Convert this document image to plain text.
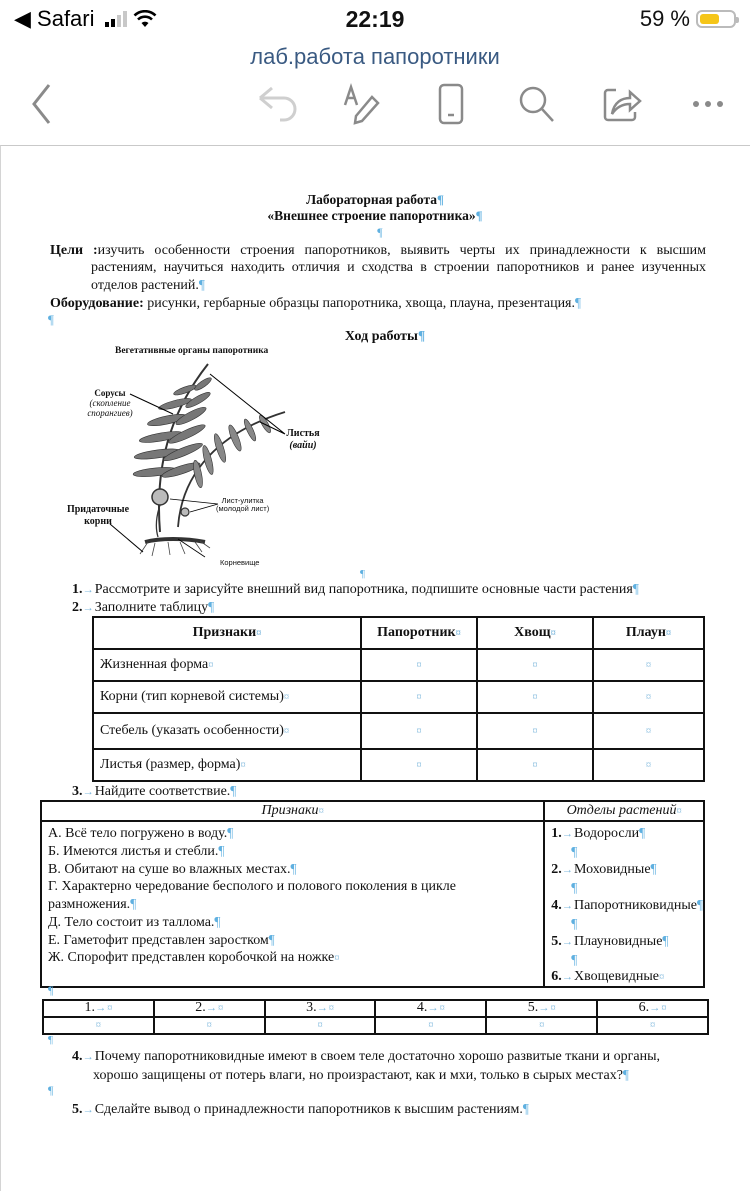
◀ Safari	22:19	59 %
лаб.работа папоротники
Лабораторная работа¶
«Внешнее строение папоротника»¶
¶
Цели :изучить особенности строения папоротников, выявить черты их принадлежности к высшим растениям, научиться находить отличия и сходства в строении папоротников и ранее изученных отделов растений.¶
Оборудование: рисунки, гербарные образцы папоротника, хвоща, плауна, презентация.¶
¶
Ход работы¶
Вегетативные органы папоротника
Сорусы
(скопление
спорангиев)
Листья
(вайи)
Лист-улитка
(молодой лист)
Придаточные
корни
Корневище
¶
1.→Рассмотрите и зарисуйте внешний вид папоротника, подпишите основные части растения¶
2.→Заполните таблицу¶
Признаки¤	Папоротник¤	Хвощ¤	Плаун¤
Жизненная форма¤	¤	¤	¤
Корни (тип корневой системы)¤	¤	¤	¤
Стебель (указать особенности)¤	¤	¤	¤
Листья (размер, форма)¤	¤	¤	¤
3.→Найдите соответствие.¶
Признаки¤	Отделы растений¤

А. Всё тело погружено в воду.¶
Б. Имеются листья и стебли.¶
В. Обитают на суше во влажных местах.¶
Г. Характерно чередование бесполого и полового поколения в цикле размножения.¶
Д. Тело состоит из таллома.¶
Е. Гаметофит представлен заростком¶
Ж. Спорофит представлен коробочкой на ножке¤

1.→Водоросли¶
¶
2.→Моховидные¶
¶
4.→Папоротниковидные¶
¶
5.→Плауновидные¶
¶
6.→Хвощевидные¤
¶
1.→¤	2.→¤	3.→¤	4.→¤	5.→¤	6.→¤
¤	¤	¤	¤	¤	¤
¶
4.→Почему папоротниковидные имеют в своем теле достаточно хорошо развитые ткани и органы, хорошо защищены от потерь влаги, но произрастают, как и мхи, только в сырых местах?¶
¶
5.→Сделайте вывод о принадлежности папоротников к высшим растениям.¶
